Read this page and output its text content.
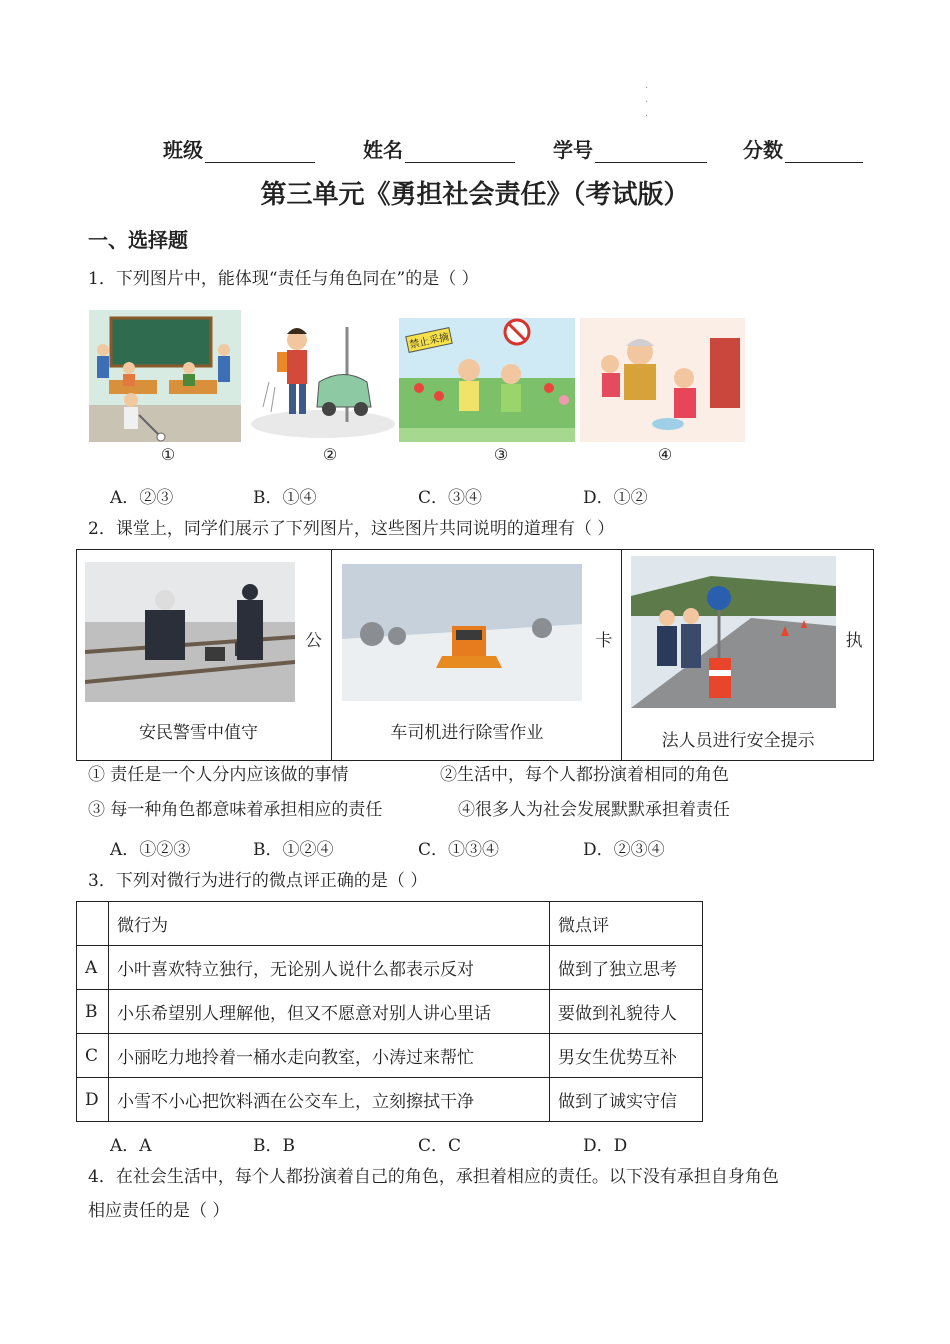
·
·
·
班级	姓名	学号	分数
第三单元《勇担社会责任》（考试版）
一、选择题
1．下列图片中，能体现“责任与角色同在”的是（ ）
禁止采摘
①	②	③	④
A．②③	B．①④	C．③④	D．①②
2．课堂上，同学们展示了下列图片，这些图片共同说明的道理有（ ）
公
安民警雪中值守

卡
车司机进行除雪作业

执
法人员进行安全提示
① 责任是一个人分内应该做的事情	②生活中，每个人都扮演着相同的角色
③ 每一种角色都意味着承担相应的责任	④很多人为社会发展默默承担着责任
A．①②③	B．①②④	C．①③④	D．②③④
3．下列对微行为进行的微点评正确的是（ ）
	微行为	微点评
A	小叶喜欢特立独行，无论别人说什么都表示反对	做到了独立思考
B	小乐希望别人理解他，但又不愿意对别人讲心里话	要做到礼貌待人
C	小丽吃力地拎着一桶水走向教室，小涛过来帮忙	男女生优势互补
D	小雪不小心把饮料洒在公交车上，立刻擦拭干净	做到了诚实守信
A．A	B．B	C．C	D．D
4．在社会生活中，每个人都扮演着自己的角色，承担着相应的责任。以下没有承担自身角色
相应责任的是（ ）
